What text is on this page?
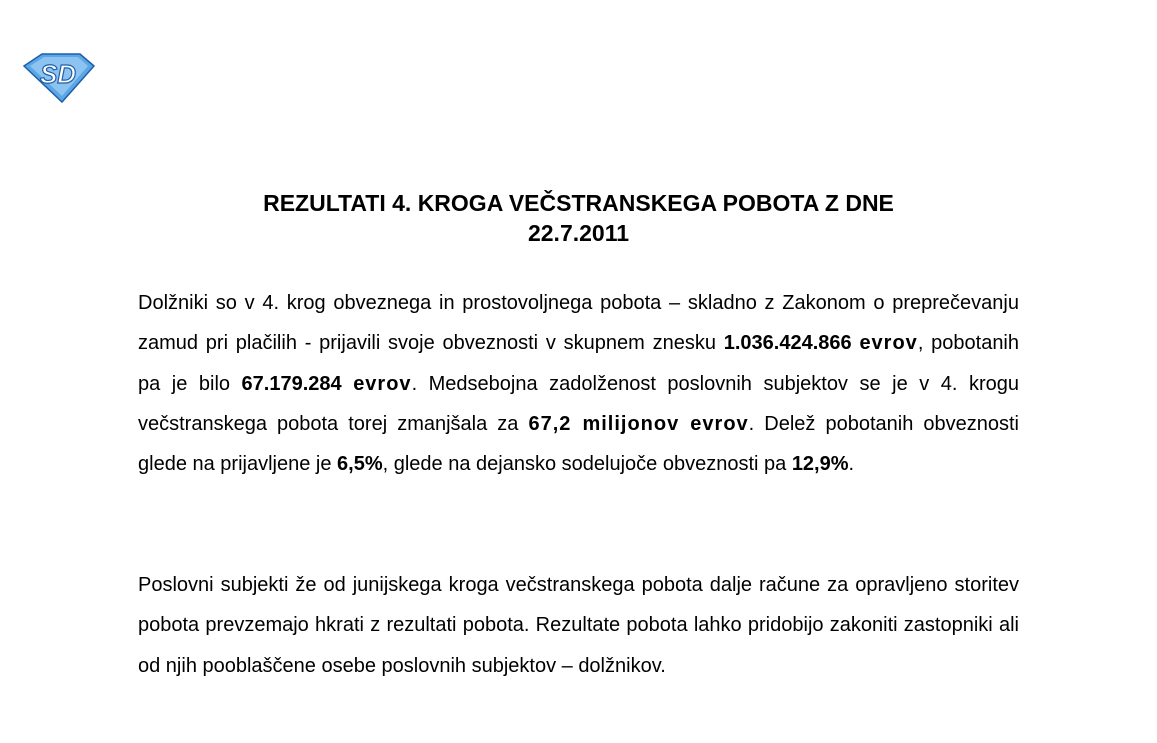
SD
REZULTATI 4. KROGA VEČSTRANSKEGA POBOTA Z DNE
22.7.2011

Dolžniki so v 4. krog obveznega in prostovoljnega pobota – skladno z Zakonom o preprečevanju zamud pri plačilih - prijavili svoje obveznosti v skupnem znesku 1.036.424.866 evrov, pobotanih pa je bilo 67.179.284 evrov. Medsebojna zadolženost poslovnih subjektov se je v 4. krogu večstranskega pobota torej zmanjšala za 67,2 milijonov evrov. Delež pobotanih obveznosti glede na prijavljene je 6,5%, glede na dejansko sodelujoče obveznosti pa 12,9%.

Poslovni subjekti že od junijskega kroga večstranskega pobota dalje račune za opravljeno storitev pobota prevzemajo hkrati z rezultati pobota. Rezultate pobota lahko pridobijo zakoniti zastopniki ali od njih pooblaščene osebe poslovnih subjektov – dolžnikov.
